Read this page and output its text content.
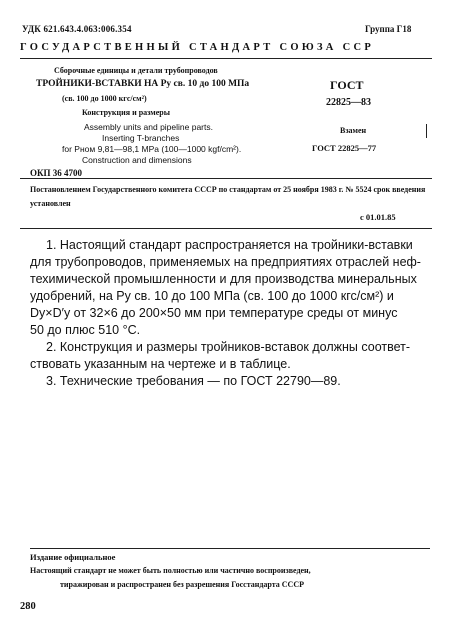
УДК 621.643.4.063:006.354	Группа Г18
ГОСУДАРСТВЕННЫЙ СТАНДАРТ СОЮЗА ССР
Сборочные единицы и детали трубопроводов
ТРОЙНИКИ-ВСТАВКИ НА Pу св. 10 до 100 МПа
(св. 100 до 1000 кгс/см²)
Конструкция и размеры
Assembly units and pipeline parts.
Inserting T-branches
for Pном 9,81—98,1 MPa (100—1000 kgf/cm²).
Construction and dimensions
ГОСТ
22825—83
Взамен
ГОСТ 22825—77
ОКП 36 4700
Постановлением Государственного комитета СССР по стандартам от 25 ноября 1983 г. № 5524 срок введения установлен
с 01.01.85
1. Настоящий стандарт распространяется на тройники-вставки
для трубопроводов, применяемых на предприятиях отраслей неф-
техимической промышленности и для производства минеральных
удобрений, на Pу св. 10 до 100 МПа (св. 100 до 1000 кгс/см²) и
Dу×D′у от 32×6 до 200×50 мм при температуре среды от минус
50 до плюс 510 °С.
2. Конструкция и размеры тройников-вставок должны соответ-
ствовать указанным на чертеже и в таблице.
3. Технические требования — по ГОСТ 22790—89.
Издание официальное
Настоящий стандарт не может быть полностью или частично воспроизведен,
тиражирован и распространен без разрешения Госстандарта СССР
280
